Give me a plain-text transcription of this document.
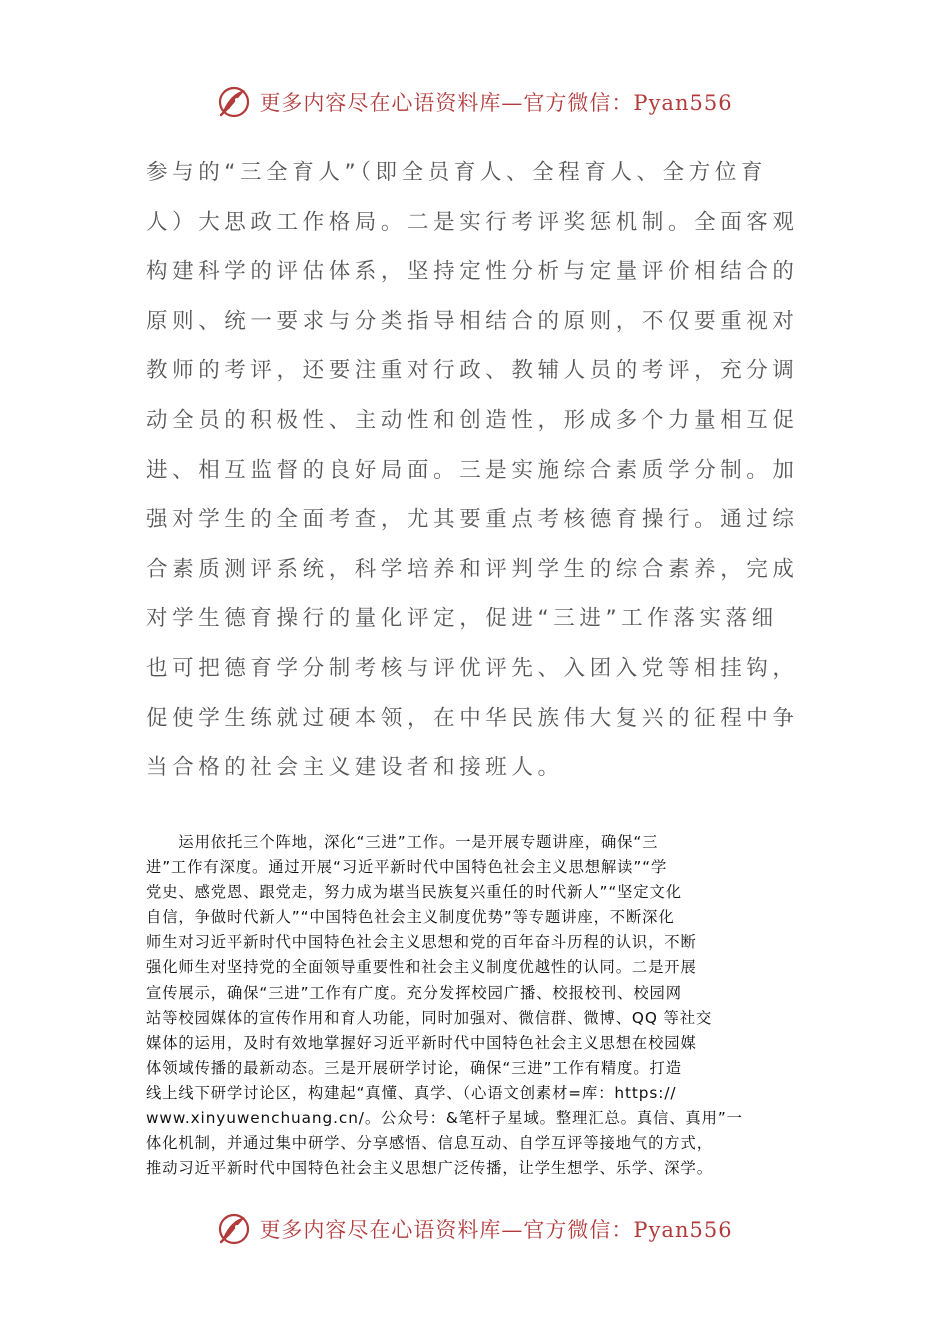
更多内容尽在心语资料库—官方微信：Pyan556
参与的“三全育人”（即全员育人、全程育人、全方位育
人）大思政工作格局。二是实行考评奖惩机制。全面客观
构建科学的评估体系，坚持定性分析与定量评价相结合的
原则、统一要求与分类指导相结合的原则，不仅要重视对
教师的考评，还要注重对行政、教辅人员的考评，充分调
动全员的积极性、主动性和创造性，形成多个力量相互促
进、相互监督的良好局面。三是实施综合素质学分制。加
强对学生的全面考查，尤其要重点考核德育操行。通过综
合素质测评系统，科学培养和评判学生的综合素养，完成
对学生德育操行的量化评定，促进“三进”工作落实落细
也可把德育学分制考核与评优评先、入团入党等相挂钩，
促使学生练就过硬本领，在中华民族伟大复兴的征程中争
当合格的社会主义建设者和接班人。
　　运用依托三个阵地，深化“三进”工作。一是开展专题讲座，确保“三
进”工作有深度。通过开展“习近平新时代中国特色社会主义思想解读”“学
党史、感党恩、跟党走，努力成为堪当民族复兴重任的时代新人”“坚定文化
自信，争做时代新人”“中国特色社会主义制度优势”等专题讲座，不断深化
师生对习近平新时代中国特色社会主义思想和党的百年奋斗历程的认识，不断
强化师生对坚持党的全面领导重要性和社会主义制度优越性的认同。二是开展
宣传展示，确保“三进”工作有广度。充分发挥校园广播、校报校刊、校园网
站等校园媒体的宣传作用和育人功能，同时加强对、微信群、微博、QQ 等社交
媒体的运用，及时有效地掌握好习近平新时代中国特色社会主义思想在校园媒
体领域传播的最新动态。三是开展研学讨论，确保“三进”工作有精度。打造
线上线下研学讨论区，构建起“真懂、真学、（心语文创素材=库：https://
www.xinyuwenchuang.cn/。公众号：&笔杆子星域。整理汇总。真信、真用”一
体化机制，并通过集中研学、分享感悟、信息互动、自学互评等接地气的方式，
推动习近平新时代中国特色社会主义思想广泛传播，让学生想学、乐学、深学。
更多内容尽在心语资料库—官方微信：Pyan556
